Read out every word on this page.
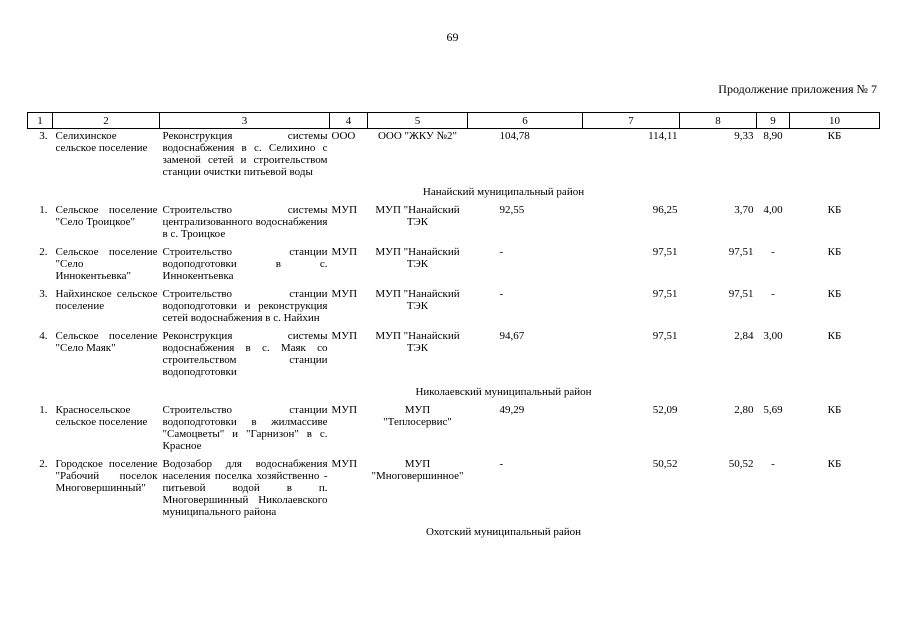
69
Продолжение приложения № 7
1	2	3	4	5	6	7	8	9	10
3.	Селихинское сельское поселение	Реконструкция системы водоснабжения в с. Селихино с заменой сетей и строительством станции очистки питьевой воды	ООО	ООО "ЖКУ №2"	104,78	114,11	9,33	8,90	КБ
Нанайский муниципальный район									
1.	Сельское поселение "Село Троицкое"	Строительство системы централизованного водоснабжения в с. Троицкое	МУП	МУП "Нанайский ТЭК	92,55	96,25	3,70	4,00	КБ
2.	Сельское поселение "Село Иннокентьевка"	Строительство станции водоподготовки в с. Иннокентьевка	МУП	МУП "Нанайский ТЭК	-	97,51	97,51	-	КБ
3.	Найхинское сельское поселение	Строительство станции водоподготовки и реконструкция сетей водоснабжения в с. Найхин	МУП	МУП "Нанайский ТЭК	-	97,51	97,51	-	КБ
4.	Сельское поселение "Село Маяк"	Реконструкция системы водоснабжения в с. Маяк со строительством станции водоподготовки	МУП	МУП "Нанайский ТЭК	94,67	97,51	2,84	3,00	КБ
Николаевский муниципальный район									
1.	Красносельское сельское поселение	Строительство станции водоподготовки в жилмассиве "Самоцветы" и "Гарнизон" в с. Красное	МУП	МУП "Теплосервис"	49,29	52,09	2,80	5,69	КБ
2.	Городское поселение "Рабочий поселок Многовершинный"	Водозабор для водоснабжения населения поселка хозяйственно - питьевой водой в п. Многовершинный Николаевского муниципального района	МУП	МУП "Многовершинное"	-	50,52	50,52	-	КБ
Охотский муниципальный район									
